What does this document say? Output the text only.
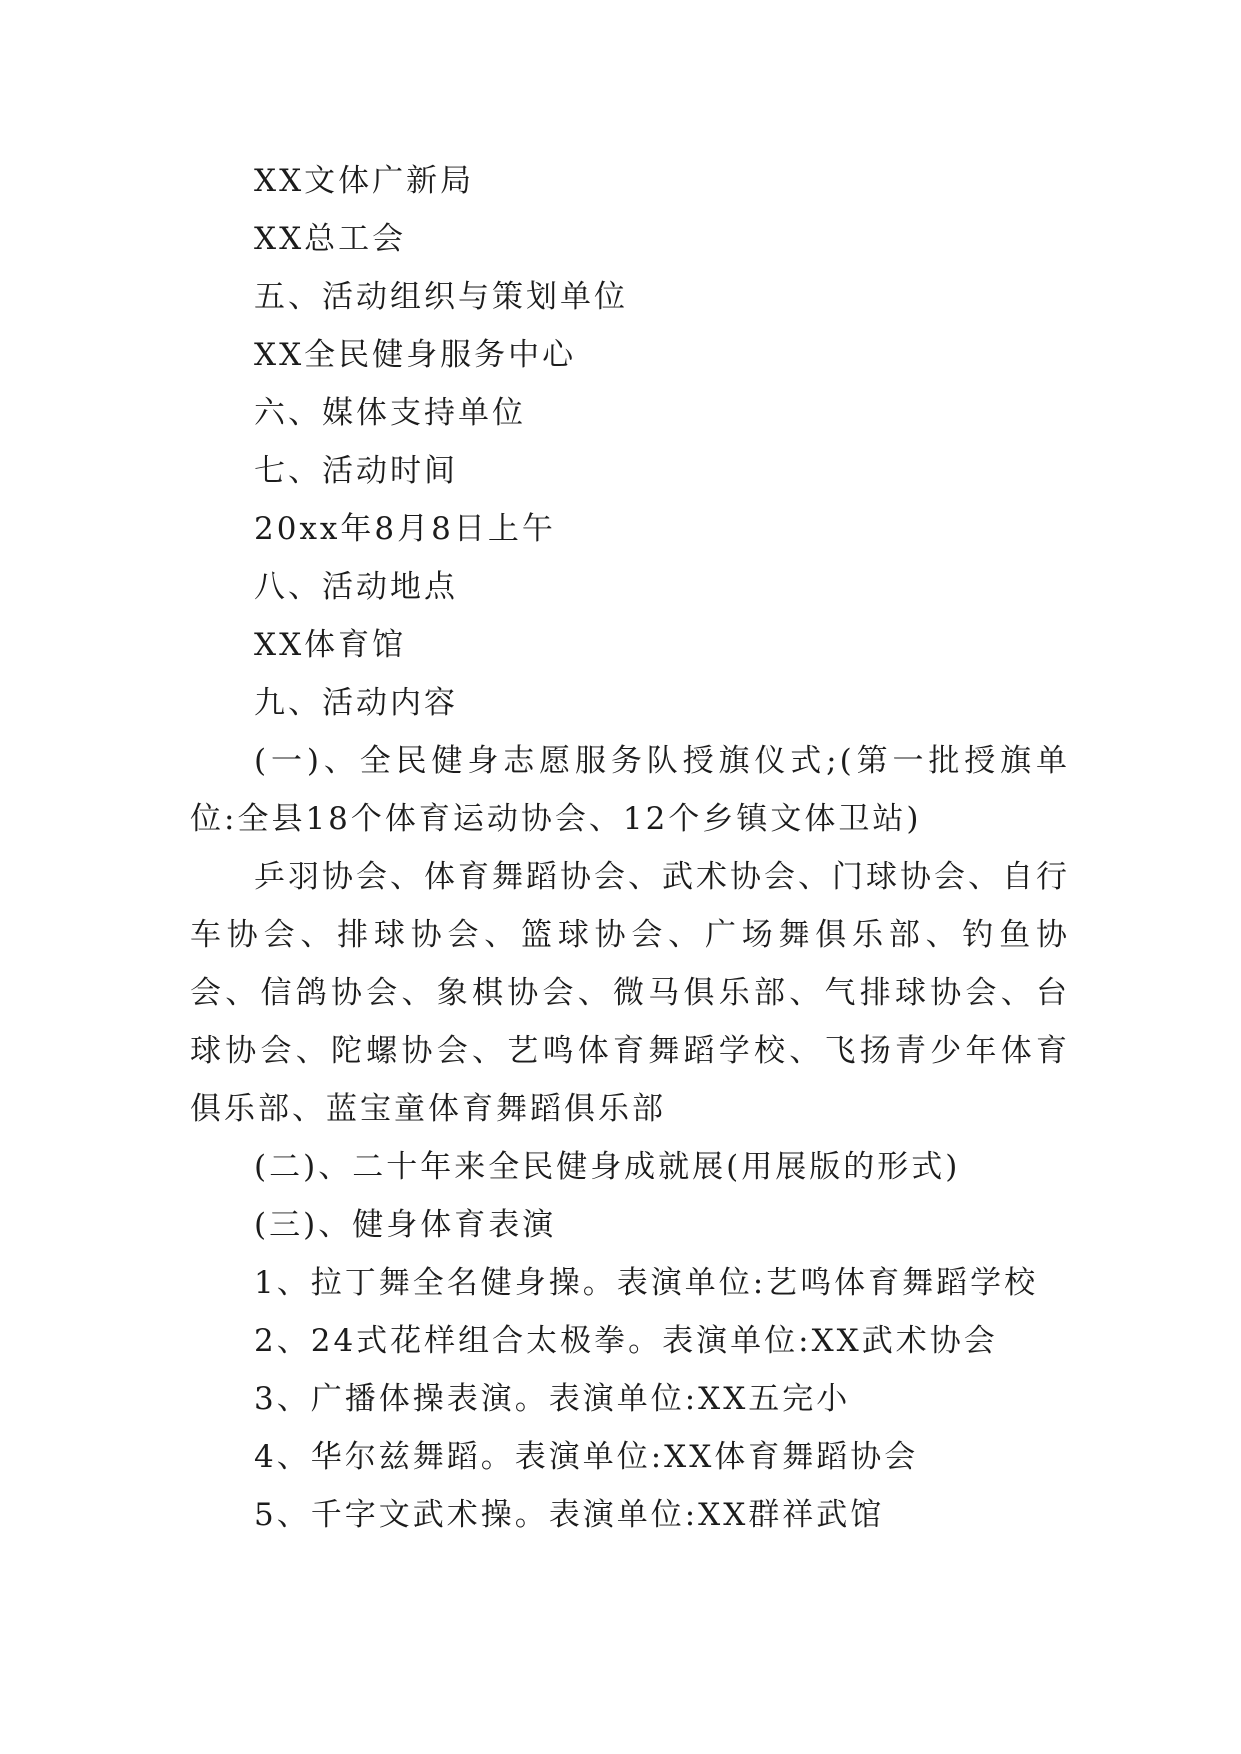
XX文体广新局
XX总工会
五、活动组织与策划单位
XX全民健身服务中心
六、媒体支持单位
七、活动时间
20xx年8月8日上午
八、活动地点
XX体育馆
九、活动内容

(一)、全民健身志愿服务队授旗仪式;(第一批授旗单位:全县18个体育运动协会、12个乡镇文体卫站)

乒羽协会、体育舞蹈协会、武术协会、门球协会、自行车协会、排球协会、篮球协会、广场舞俱乐部、钓鱼协会、信鸽协会、象棋协会、微马俱乐部、气排球协会、台球协会、陀螺协会、艺鸣体育舞蹈学校、飞扬青少年体育俱乐部、蓝宝童体育舞蹈俱乐部

(二)、二十年来全民健身成就展(用展版的形式)
(三)、健身体育表演
1、拉丁舞全名健身操。表演单位:艺鸣体育舞蹈学校
2、24式花样组合太极拳。表演单位:XX武术协会
3、广播体操表演。表演单位:XX五完小
4、华尔兹舞蹈。表演单位:XX体育舞蹈协会
5、千字文武术操。表演单位:XX群祥武馆
